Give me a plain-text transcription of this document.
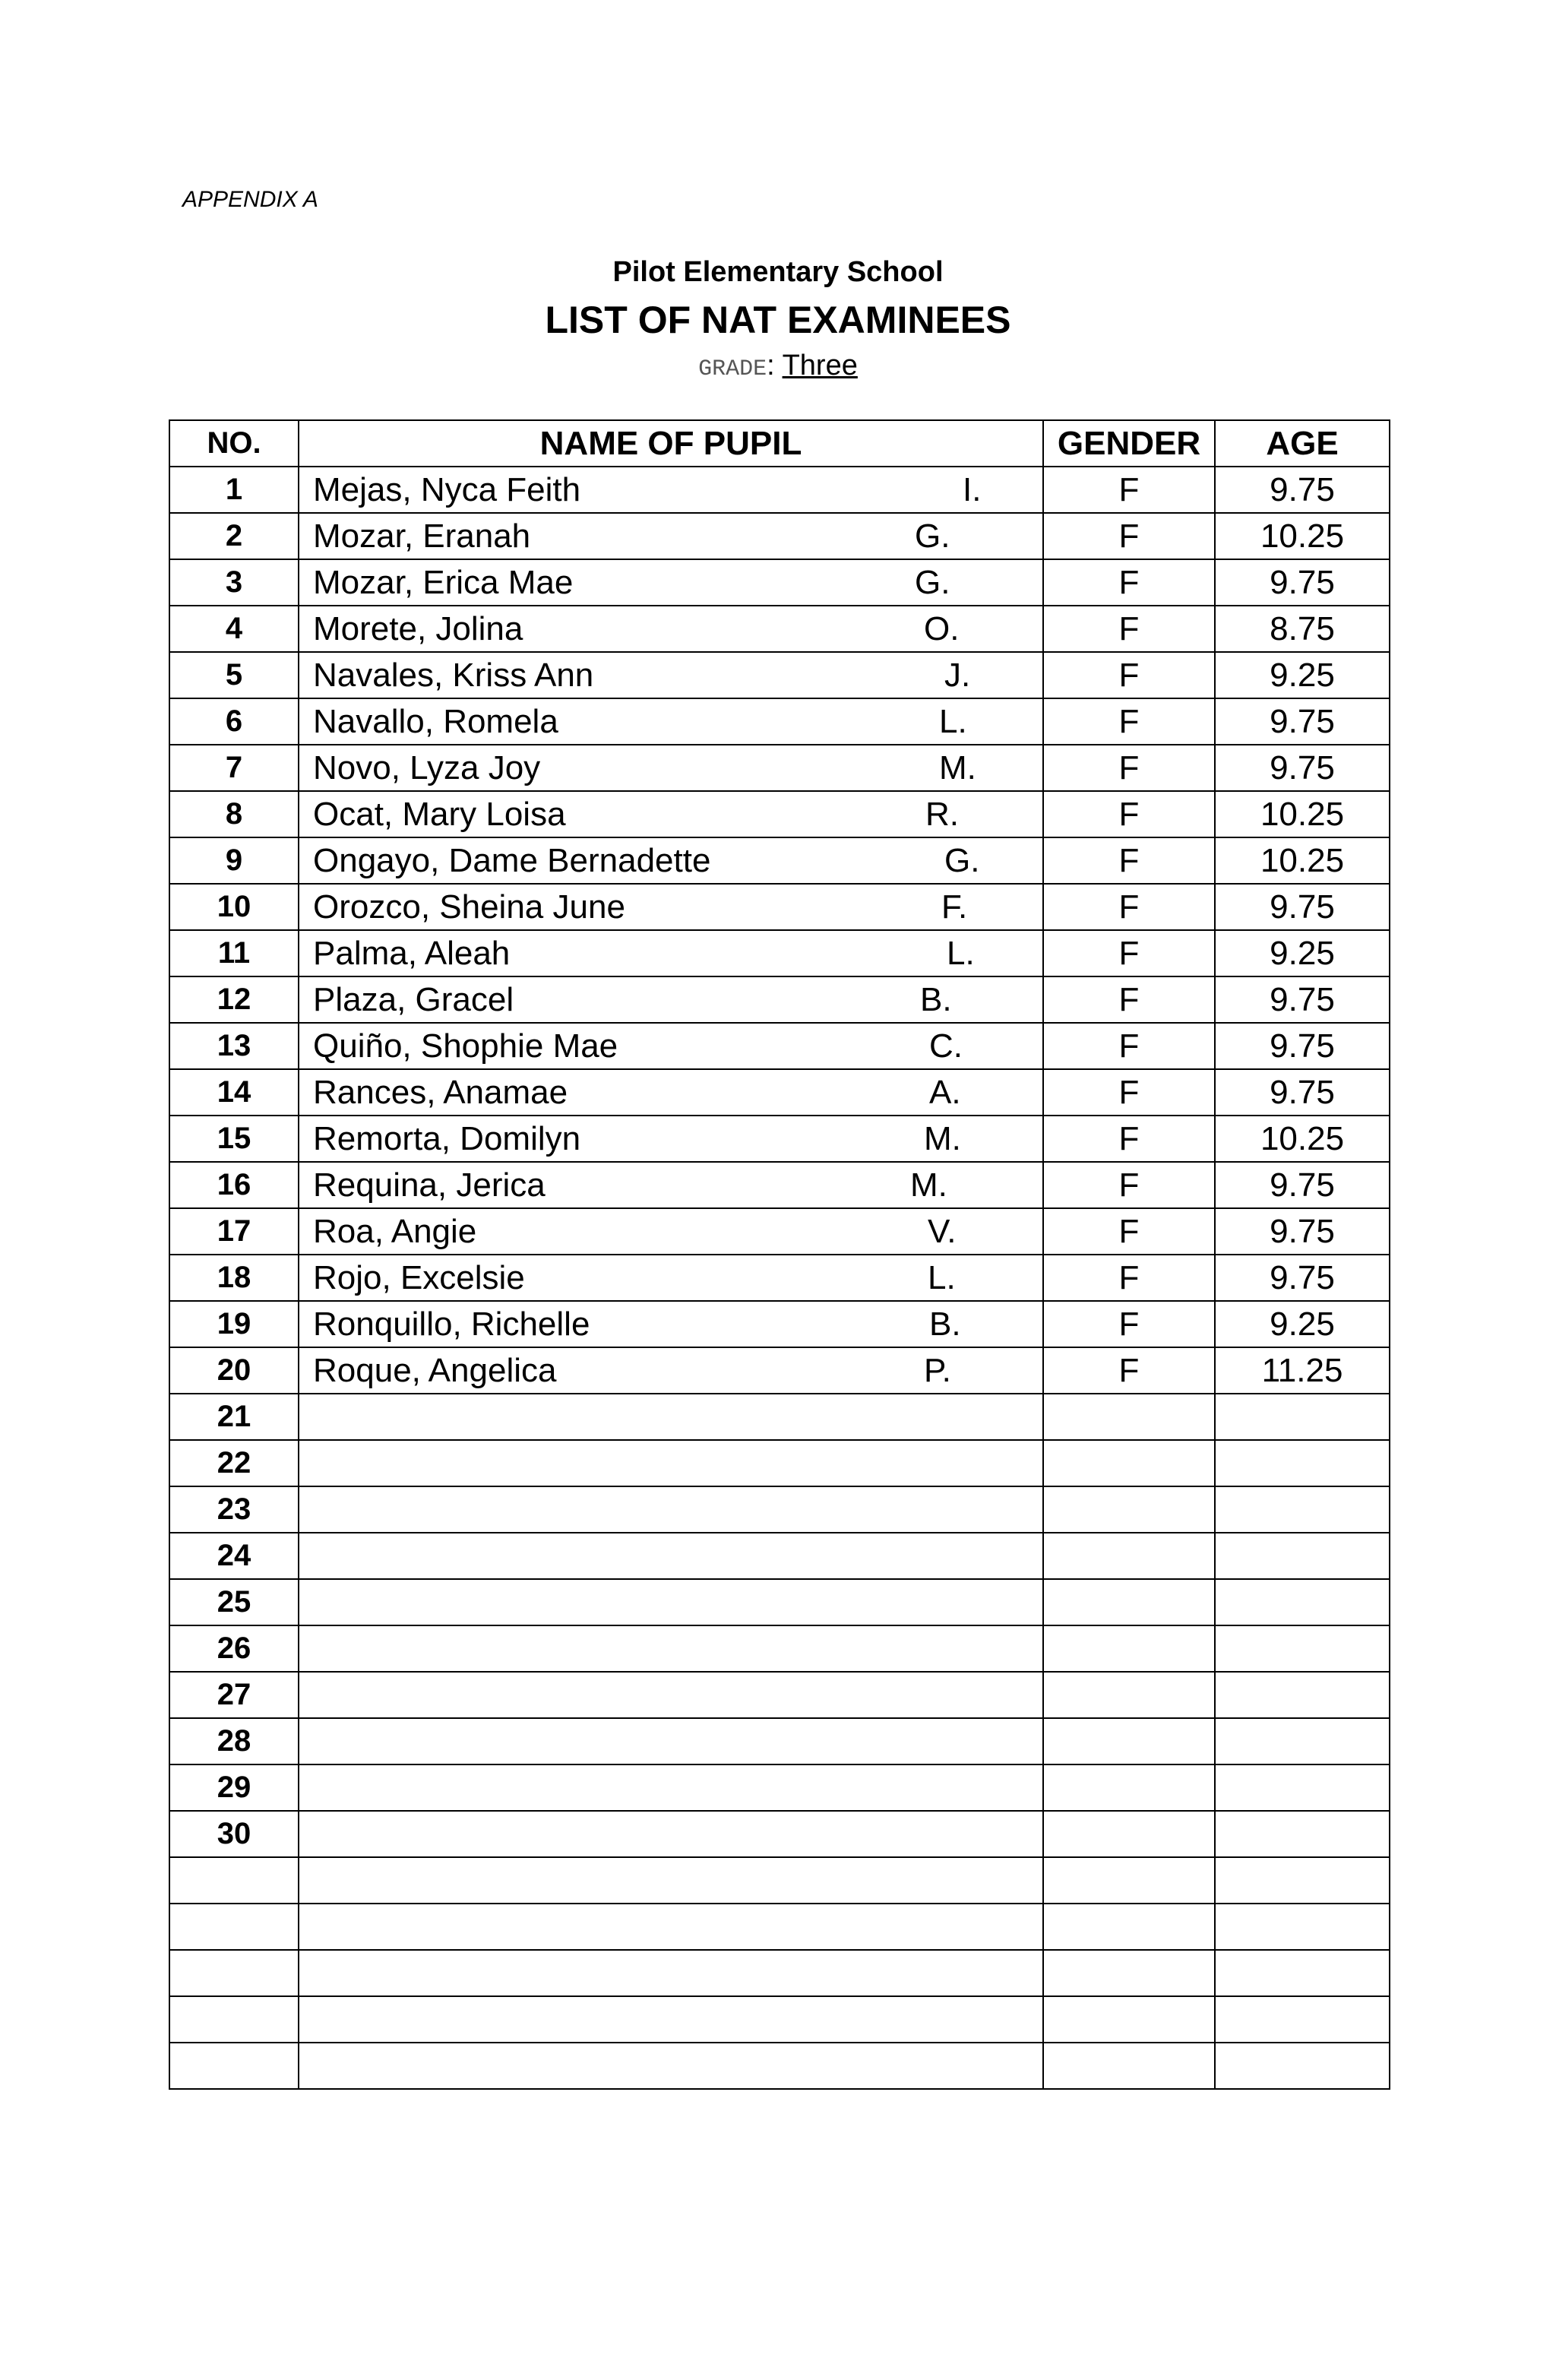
APPENDIX A
Pilot Elementary School
LIST OF NAT EXAMINEES
GRADE: Three
NO.	NAME OF PUPIL	GENDER	AGE
1	Mejas, Nyca Feith I.	F	9.75
2	Mozar, Eranah G.	F	10.25
3	Mozar, Erica Mae G.	F	9.75
4	Morete, Jolina O.	F	8.75
5	Navales, Kriss Ann J.	F	9.25
6	Navallo, Romela L.	F	9.75
7	Novo, Lyza Joy M.	F	9.75
8	Ocat, Mary Loisa R.	F	10.25
9	Ongayo, Dame Bernadette G.	F	10.25
10	Orozco, Sheina June F.	F	9.75
11	Palma, Aleah L.	F	9.25
12	Plaza, Gracel B.	F	9.75
13	Quiño, Shophie Mae C.	F	9.75
14	Rances, Anamae A.	F	9.75
15	Remorta, Domilyn M.	F	10.25
16	Requina, Jerica M.	F	9.75
17	Roa, Angie V.	F	9.75
18	Rojo, Excelsie L.	F	9.75
19	Ronquillo, Richelle B.	F	9.25
20	Roque, Angelica P.	F	11.25
21	

22	

23	

24	

25	

26	

27	

28	

29	

30	
